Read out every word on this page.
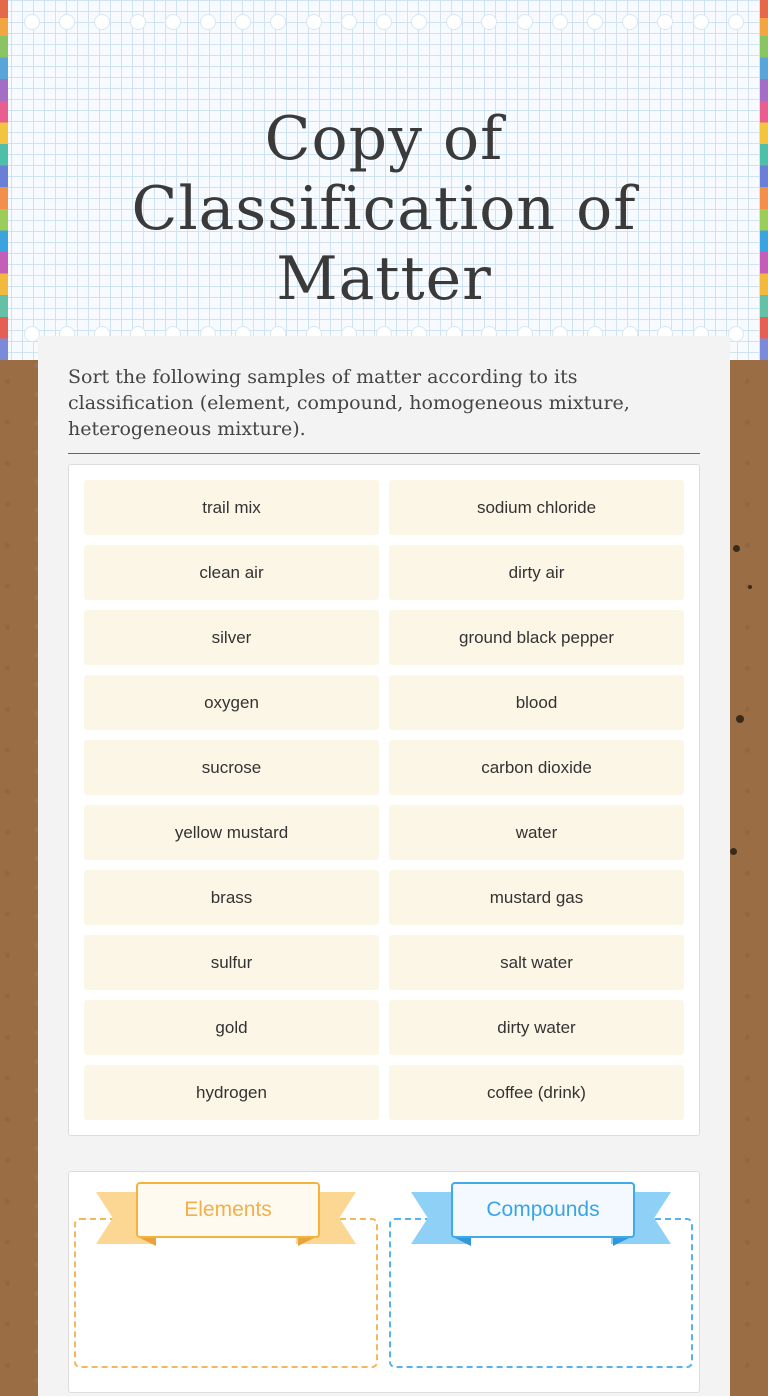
Copy of Classification of Matter
Sort the following samples of matter according to its classification (element, compound, homogeneous mixture, heterogeneous mixture).
trail mix	sodium chloride
clean air	dirty air
silver	ground black pepper
oxygen	blood
sucrose	carbon dioxide
yellow mustard	water
brass	mustard gas
sulfur	salt water
gold	dirty water
hydrogen	coffee (drink)
Elements	Compounds
